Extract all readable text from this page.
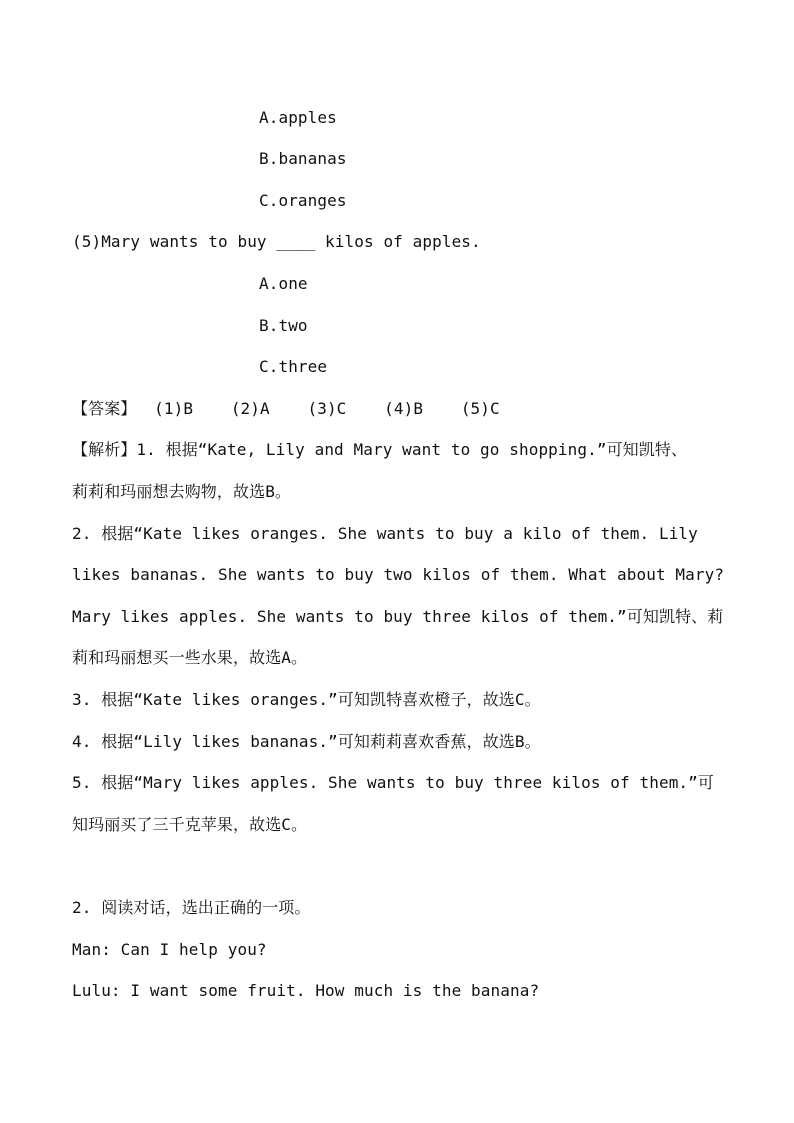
A.apples
B.bananas
C.oranges
(5)Mary wants to buy ____ kilos of apples.
A.one
B.two
C.three
【答案】 (1)B (2)A (3)C (4)B (5)C
【解析】1. 根据“Kate, Lily and Mary want to go shopping.”可知凯特、
莉莉和玛丽想去购物，故选B。
2. 根据“Kate likes oranges. She wants to buy a kilo of them. Lily
likes bananas. She wants to buy two kilos of them. What about Mary?
Mary likes apples. She wants to buy three kilos of them.”可知凯特、莉
莉和玛丽想买一些水果，故选A。
3. 根据“Kate likes oranges.”可知凯特喜欢橙子，故选C。
4. 根据“Lily likes bananas.”可知莉莉喜欢香蕉，故选B。
5. 根据“Mary likes apples. She wants to buy three kilos of them.”可
知玛丽买了三千克苹果，故选C。
2. 阅读对话，选出正确的一项。
Man: Can I help you?
Lulu: I want some fruit. How much is the banana?
